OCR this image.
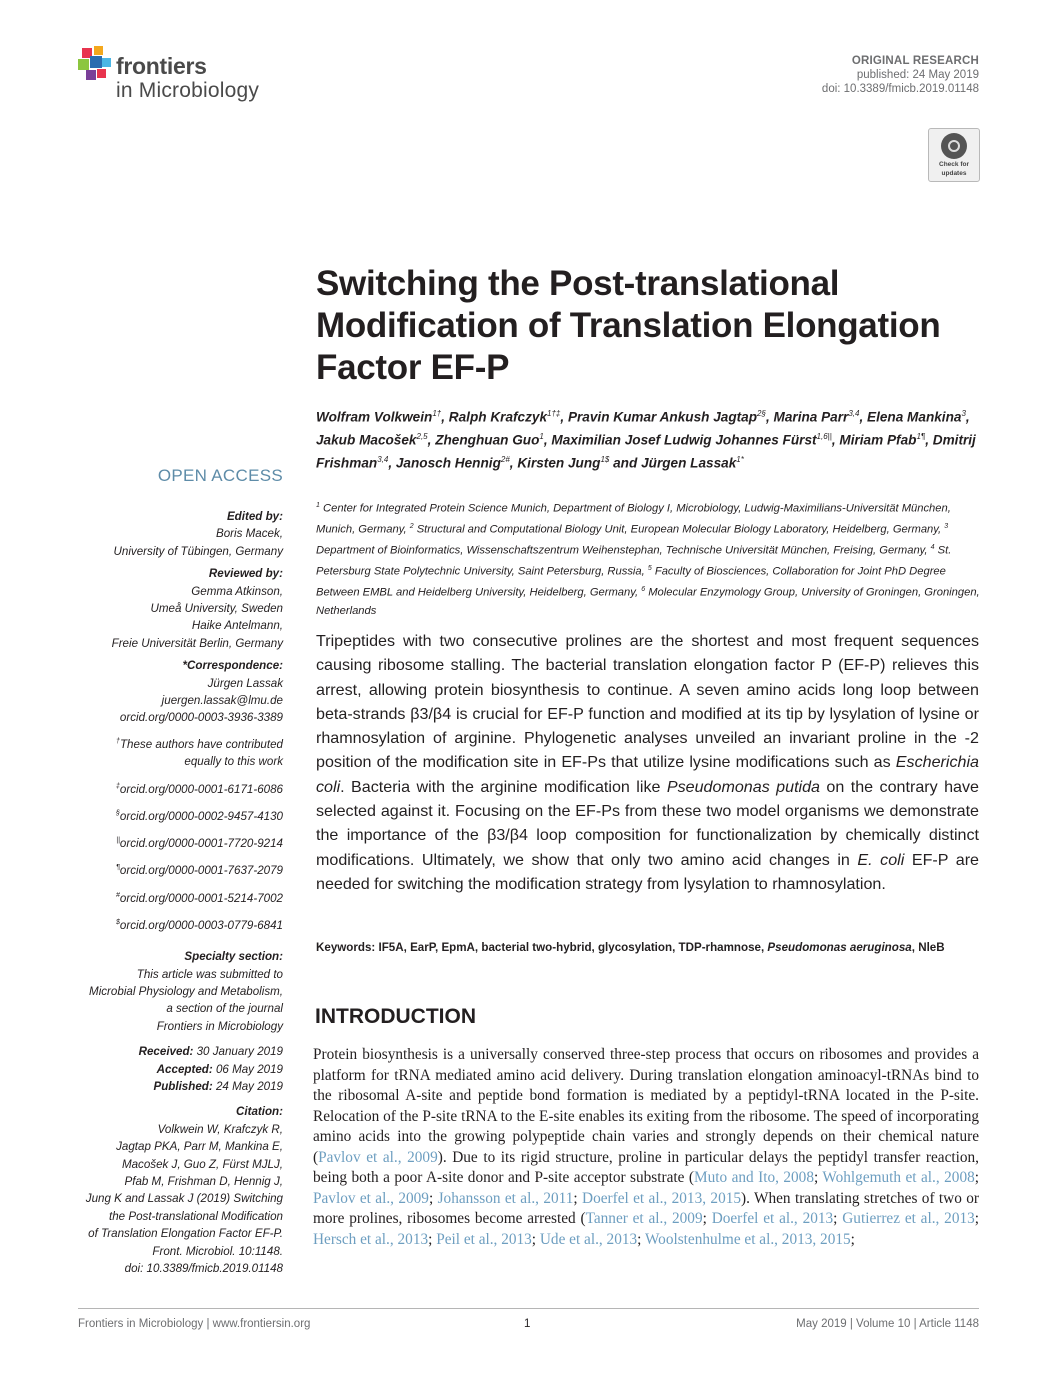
frontiers
in Microbiology
ORIGINAL RESEARCH
published: 24 May 2019
doi: 10.3389/fmicb.2019.01148
Check for
updates
Switching the Post-translational Modification of Translation Elongation Factor EF-P
Wolfram Volkwein$^{1\dagger}$, Ralph Krafczyk$^{1\dagger\ddagger}$, Pravin Kumar Ankush Jagtap$^{2\S}$, Marina Parr$^{3,4}$, Elena Mankina$^3$, Jakub Macošek$^{2,5}$, Zhenghuan Guo$^1$, Maximilian Josef Ludwig Johannes Fürst$^{1,6||}$, Miriam Pfab$^{1\P}$, Dmitrij Frishman$^{3,4}$, Janosch Hennig$^{2\#}$, Kirsten Jung$^{1\$}$ and Jürgen Lassak$^{1*}$
$^1$ Center for Integrated Protein Science Munich, Department of Biology I, Microbiology, Ludwig-Maximilians-Universität München, Munich, Germany, $^2$ Structural and Computational Biology Unit, European Molecular Biology Laboratory, Heidelberg, Germany, $^3$ Department of Bioinformatics, Wissenschaftszentrum Weihenstephan, Technische Universität München, Freising, Germany, $^4$ St. Petersburg State Polytechnic University, Saint Petersburg, Russia, $^5$ Faculty of Biosciences, Collaboration for Joint PhD Degree Between EMBL and Heidelberg University, Heidelberg, Germany, $^6$ Molecular Enzymology Group, University of Groningen, Groningen, Netherlands
Tripeptides with two consecutive prolines are the shortest and most frequent sequences causing ribosome stalling. The bacterial translation elongation factor P (EF-P) relieves this arrest, allowing protein biosynthesis to continue. A seven amino acids long loop between beta-strands β3/β4 is crucial for EF-P function and modified at its tip by lysylation of lysine or rhamnosylation of arginine. Phylogenetic analyses unveiled an invariant proline in the -2 position of the modification site in EF-Ps that utilize lysine modifications such as Escherichia coli. Bacteria with the arginine modification like Pseudomonas putida on the contrary have selected against it. Focusing on the EF-Ps from these two model organisms we demonstrate the importance of the β3/β4 loop composition for functionalization by chemically distinct modifications. Ultimately, we show that only two amino acid changes in E. coli EF-P are needed for switching the modification strategy from lysylation to rhamnosylation.
Keywords: IF5A, EarP, EpmA, bacterial two-hybrid, glycosylation, TDP-rhamnose, Pseudomonas aeruginosa, NleB
INTRODUCTION
Protein biosynthesis is a universally conserved three-step process that occurs on ribosomes and provides a platform for tRNA mediated amino acid delivery. During translation elongation aminoacyl-tRNAs bind to the ribosomal A-site and peptide bond formation is mediated by a peptidyl-tRNA located in the P-site. Relocation of the P-site tRNA to the E-site enables its exiting from the ribosome. The speed of incorporating amino acids into the growing polypeptide chain varies and strongly depends on their chemical nature (Pavlov et al., 2009). Due to its rigid structure, proline in particular delays the peptidyl transfer reaction, being both a poor A-site donor and P-site acceptor substrate (Muto and Ito, 2008; Wohlgemuth et al., 2008; Pavlov et al., 2009; Johansson et al., 2011; Doerfel et al., 2013, 2015). When translating stretches of two or more prolines, ribosomes become arrested (Tanner et al., 2009; Doerfel et al., 2013; Gutierrez et al., 2013; Hersch et al., 2013; Peil et al., 2013; Ude et al., 2013; Woolstenhulme et al., 2013, 2015;
OPEN ACCESS
Edited by:
Boris Macek,
University of Tübingen, Germany
Reviewed by:
Gemma Atkinson,
Umeå University, Sweden
Haike Antelmann,
Freie Universität Berlin, Germany
*Correspondence:
Jürgen Lassak
juergen.lassak@lmu.de
orcid.org/0000-0003-3936-3389
†These authors have contributed
equally to this work
‡orcid.org/0000-0001-6171-6086
§orcid.org/0000-0002-9457-4130
||orcid.org/0000-0001-7720-9214
¶orcid.org/0000-0001-7637-2079
#orcid.org/0000-0001-5214-7002
$orcid.org/0000-0003-0779-6841
Specialty section:
This article was submitted to
Microbial Physiology and Metabolism,
a section of the journal
Frontiers in Microbiology
Received: 30 January 2019
Accepted: 06 May 2019
Published: 24 May 2019
Citation:
Volkwein W, Krafczyk R,
Jagtap PKA, Parr M, Mankina E,
Macošek J, Guo Z, Fürst MJLJ,
Pfab M, Frishman D, Hennig J,
Jung K and Lassak J (2019) Switching
the Post-translational Modification
of Translation Elongation Factor EF-P.
Front. Microbiol. 10:1148.
doi: 10.3389/fmicb.2019.01148
Frontiers in Microbiology | www.frontiersin.org	1	May 2019 | Volume 10 | Article 1148
